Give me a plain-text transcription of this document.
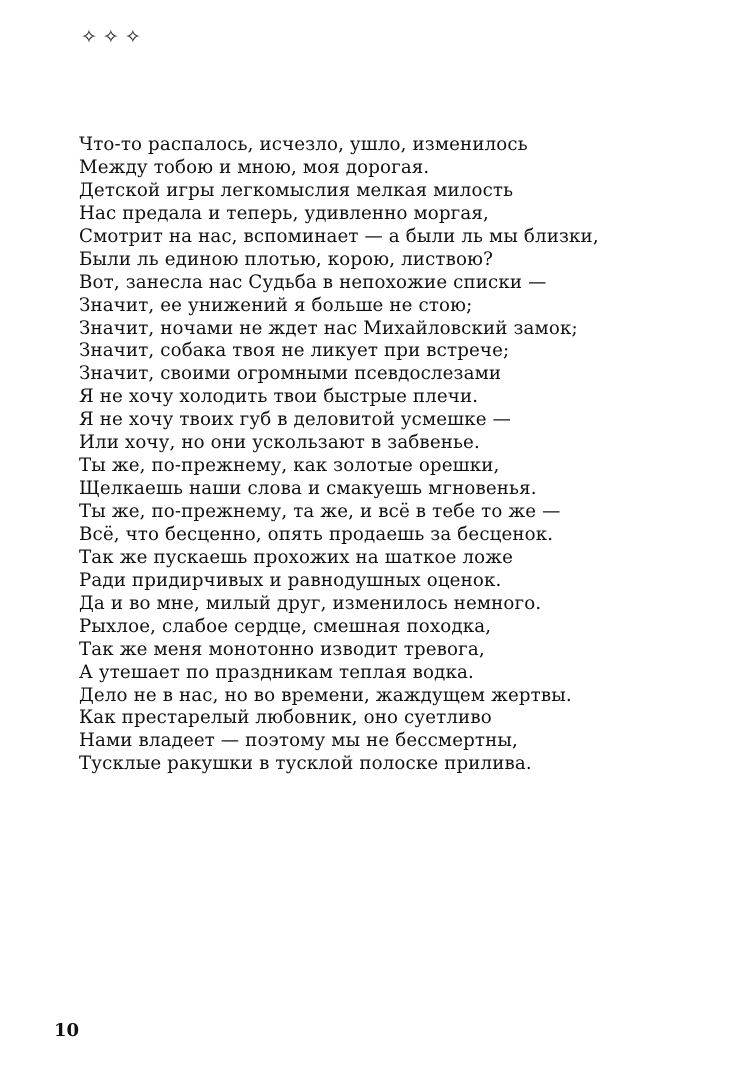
✧✧✧
Что-то распалось, исчезло, ушло, изменилось
Между тобою и мною, моя дорогая.
Детской игры легкомыслия мелкая милость
Нас предала и теперь, удивленно моргая,
Смотрит на нас, вспоминает — а были ль мы близки,
Были ль единою плотью, корою, листвою?
Вот, занесла нас Судьба в непохожие списки —
Значит, ее унижений я больше не стою;
Значит, ночами не ждет нас Михайловский замок;
Значит, собака твоя не ликует при встрече;
Значит, своими огромными псевдослезами
Я не хочу холодить твои быстрые плечи.
Я не хочу твоих губ в деловитой усмешке —
Или хочу, но они ускользают в забвенье.
Ты же, по-прежнему, как золотые орешки,
Щелкаешь наши слова и смакуешь мгновенья.
Ты же, по-прежнему, та же, и всё в тебе то же —
Всё, что бесценно, опять продаешь за бесценок.
Так же пускаешь прохожих на шаткое ложе
Ради придирчивых и равнодушных оценок.
Да и во мне, милый друг, изменилось немного.
Рыхлое, слабое сердце, смешная походка,
Так же меня монотонно изводит тревога,
А утешает по праздникам теплая водка.
Дело не в нас, но во времени, жаждущем жертвы.
Как престарелый любовник, оно суетливо
Нами владеет — поэтому мы не бессмертны,
Тусклые ракушки в тусклой полоске прилива.
10
